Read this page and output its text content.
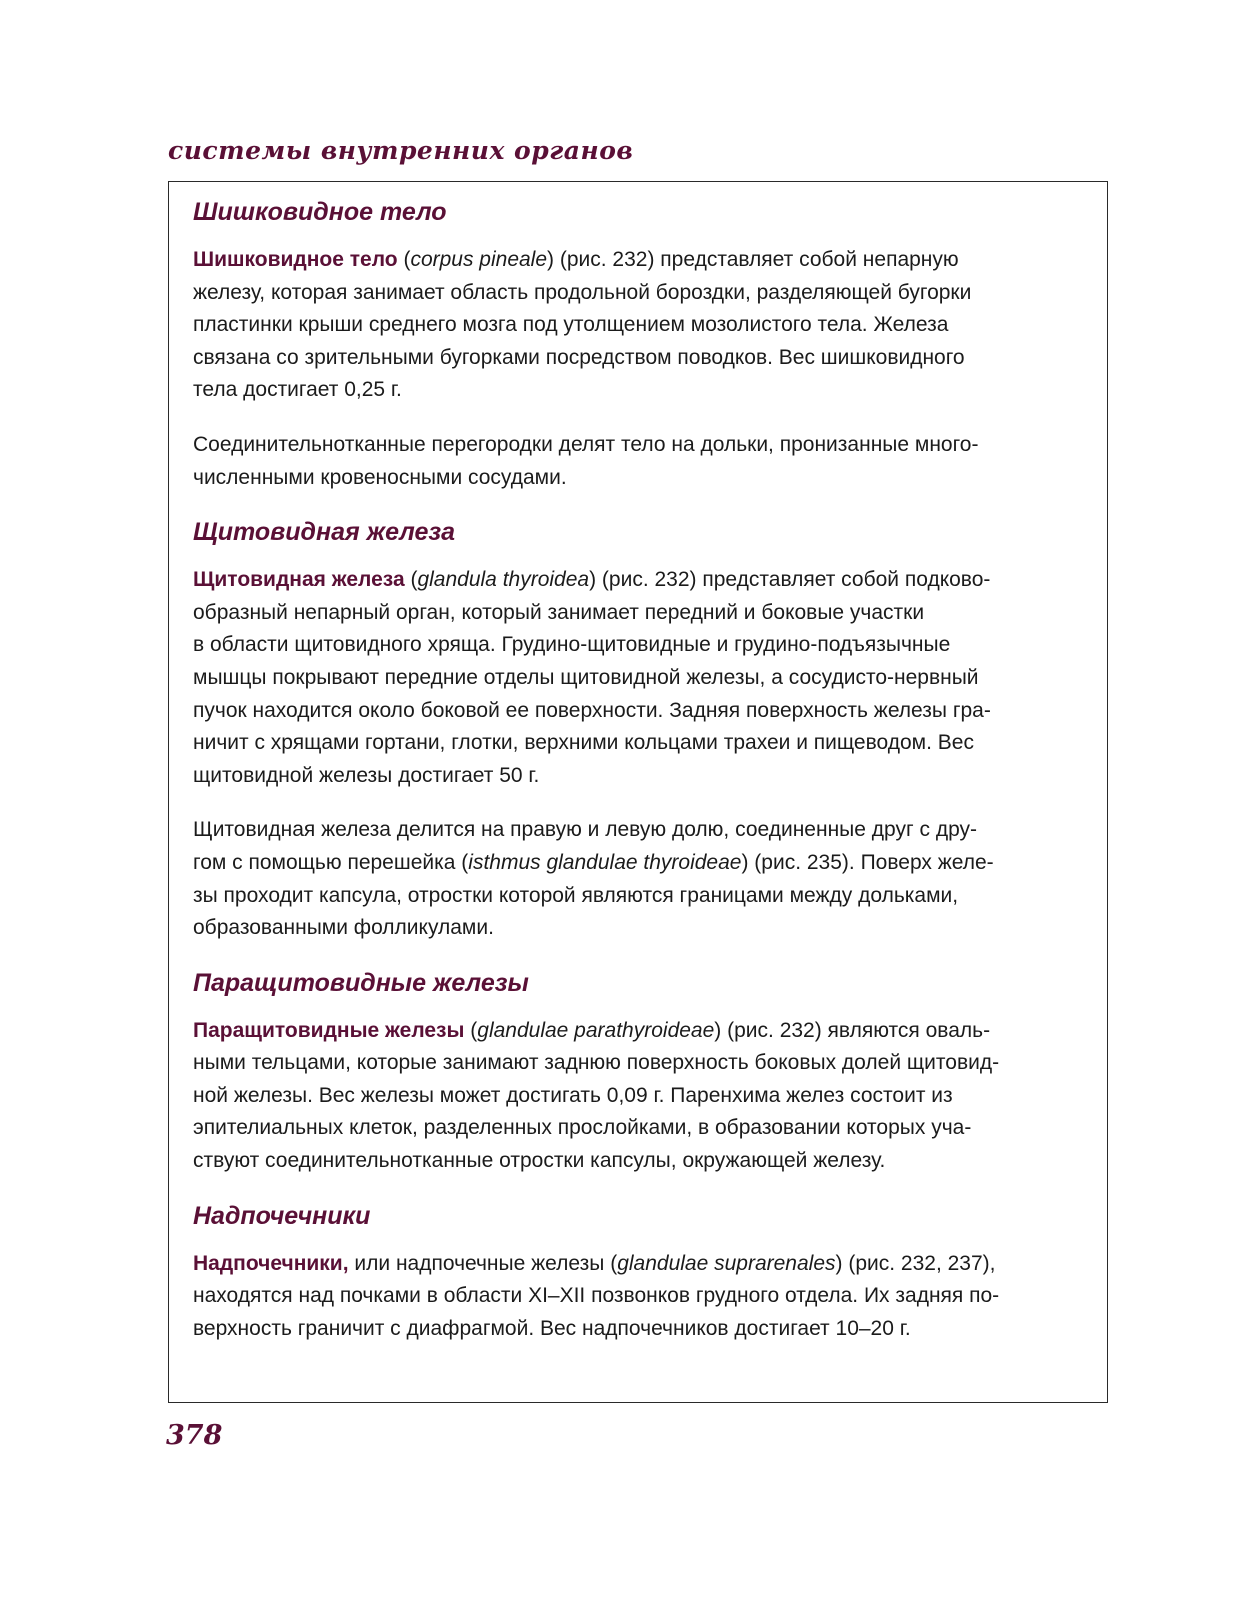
системы внутренних органов
Шишковидное тело

Шишковидное тело (corpus pineale) (рис. 232) представляет собой непарную
железу, которая занимает область продольной бороздки, разделяющей бугорки
пластинки крыши среднего мозга под утолщением мозолистого тела. Железа
связана со зрительными бугорками посредством поводков. Вес шишковидного
тела достигает 0,25 г.

Соединительнотканные перегородки делят тело на дольки, пронизанные много-
численными кровеносными сосудами.

Щитовидная железа

Щитовидная железа (glandula thyroidea) (рис. 232) представляет собой подково-
образный непарный орган, который занимает передний и боковые участки
в области щитовидного хряща. Грудино-щитовидные и грудино-подъязычные
мышцы покрывают передние отделы щитовидной железы, а сосудисто-нервный
пучок находится около боковой ее поверхности. Задняя поверхность железы гра-
ничит с хрящами гортани, глотки, верхними кольцами трахеи и пищеводом. Вес
щитовидной железы достигает 50 г.

Щитовидная железа делится на правую и левую долю, соединенные друг с дру-
гом с помощью перешейка (isthmus glandulae thyroideae) (рис. 235). Поверх желе-
зы проходит капсула, отростки которой являются границами между дольками,
образованными фолликулами.

Паращитовидные железы

Паращитовидные железы (glandulae parathyroideae) (рис. 232) являются оваль-
ными тельцами, которые занимают заднюю поверхность боковых долей щитовид-
ной железы. Вес железы может достигать 0,09 г. Паренхима желез состоит из
эпителиальных клеток, разделенных прослойками, в образовании которых уча-
ствуют соединительнотканные отростки капсулы, окружающей железу.

Надпочечники

Надпочечники, или надпочечные железы (glandulae suprarenales) (рис. 232, 237),
находятся над почками в области XI–XII позвонков грудного отдела. Их задняя по-
верхность граничит с диафрагмой. Вес надпочечников достигает 10–20 г.

378
